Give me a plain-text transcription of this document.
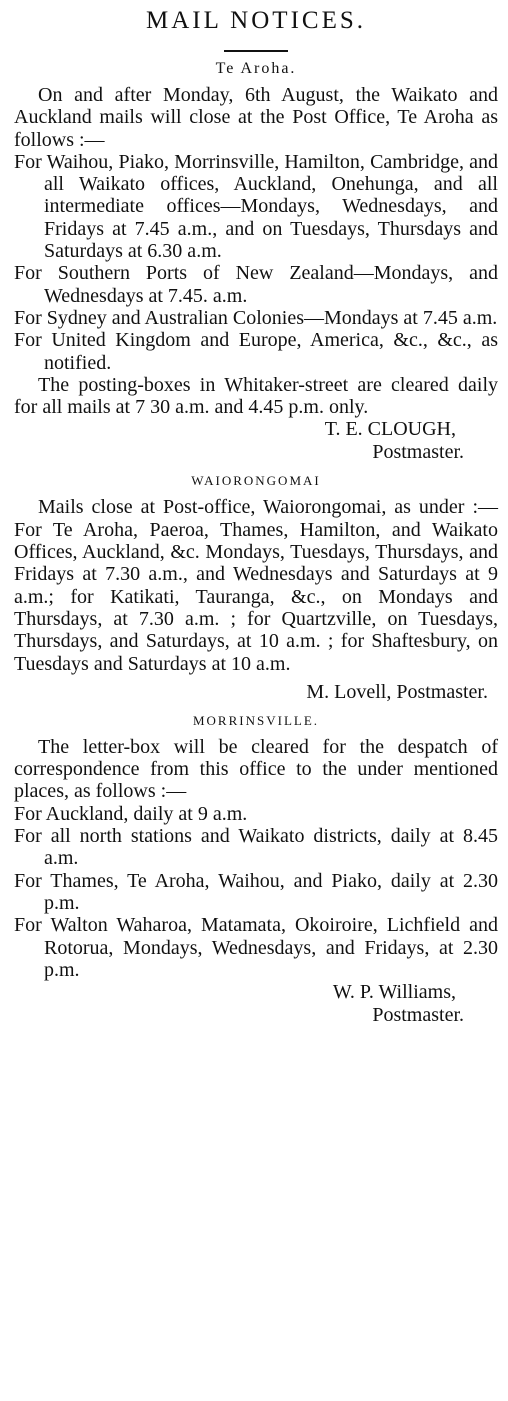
MAIL NOTICES.
Te Aroha.

On and after Monday, 6th August, the Waikato and Auckland mails will close at the Post Office, Te Aroha as follows :—

For Waihou, Piako, Morrinsville, Hamilton, Cambridge, and all Waikato offices, Auckland, Onehunga, and all intermediate offices—Mondays, Wednesdays, and Fridays at 7.45 a.m., and on Tuesdays, Thursdays and Saturdays at 6.30 a.m.

For Southern Ports of New Zealand—Mondays, and Wednesdays at 7.45. a.m.

For Sydney and Australian Colonies—Mondays at 7.45 a.m.

For United Kingdom and Europe, America, &c., &c., as notified.

The posting-boxes in Whitaker-street are cleared daily for all mails at 7 30 a.m. and 4.45 p.m. only.

T. E. CLOUGH,

Postmaster.

WAIORONGOMAI

Mails close at Post-office, Waiorongomai, as under :—For Te Aroha, Paeroa, Thames, Hamilton, and Waikato Offices, Auckland, &c. Mondays, Tuesdays, Thursdays, and Fridays at 7.30 a.m., and Wednesdays and Saturdays at 9 a.m.; for Katikati, Tauranga, &c., on Mondays and Thursdays, at 7.30 a.m. ; for Quartzville, on Tuesdays, Thursdays, and Saturdays, at 10 a.m. ; for Shaftesbury, on Tuesdays and Saturdays at 10 a.m.

M. Lovell, Postmaster.

MORRINSVILLE.

The letter-box will be cleared for the despatch of correspondence from this office to the under mentioned places, as follows :—

For Auckland, daily at 9 a.m.

For all north stations and Waikato districts, daily at 8.45 a.m.

For Thames, Te Aroha, Waihou, and Piako, daily at 2.30 p.m.

For Walton Waharoa, Matamata, Okoiroire, Lichfield and Rotorua, Mondays, Wednesdays, and Fridays, at 2.30 p.m.

W. P. Williams,

Postmaster.
